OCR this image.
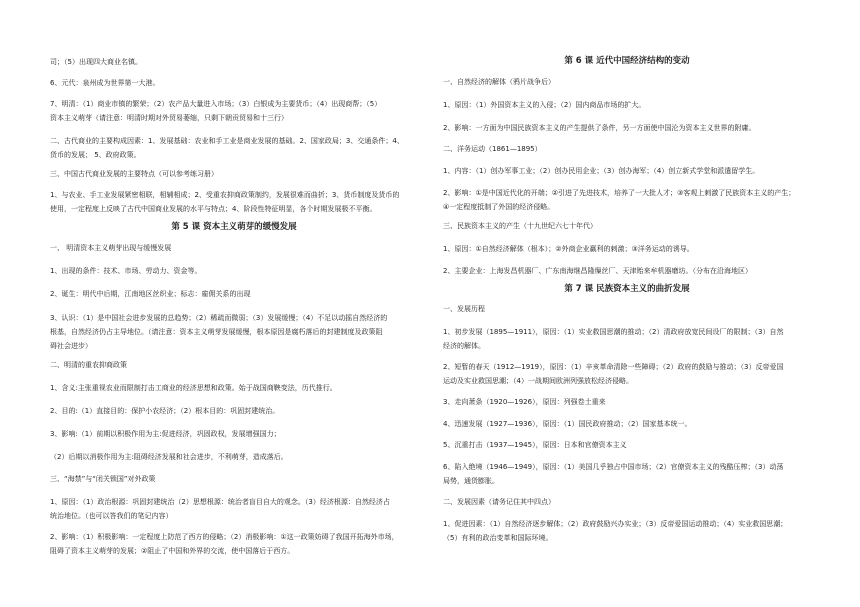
司；（5）出现四大商业名镇。

6、元代：泉州成为世界第一大港。

7、明清：（1）商业市镇的繁荣；（2）农产品大量进入市场；（3）白银成为主要货币；（4）出现商帮；（5）

资本主义萌芽（请注意：明清时期对外贸易萎缩，只剩下朝贡贸易和十三行）

二、古代商业的主要构成因素：1、发展基础：农业和手工业是商业发展的基础。2、国家政局；3、交通条件；4、

货币的发展； 5、政府政策。

三、中国古代商业发展的主要特点（可以参考练习册）

1、与农业、手工业发展紧密相联，相辅相成；2、受重农抑商政策制约，发展很难而曲折；3、货币制度及货币的

使用，一定程度上反映了古代中国商业发展的水平与特点；4、阶段性特征明显，各个时期发展极不平衡。

第 5 课 资本主义萌芽的缓慢发展

一、 明清资本主义萌芽出现与缓慢发展

1、出现的条件：技术、市场、劳动力、资金等。

2、诞生：明代中后期，江南地区丝织业；标志：雇佣关系的出现

3、认识：（1）是中国社会进步发展的总趋势；（2）稀疏而微弱；（3）发展缓慢；（4）不足以动摇自然经济的

根基，自然经济仍占主导地位。（请注意：资本主义萌芽发展缓慢，根本原因是腐朽落后的封建制度及政策阻

碍社会进步）

二、明清的重农抑商政策

1、含义:主张重视农业而限制打击工商业的经济思想和政策。始于战国商鞅变法，历代推行。

2、目的:（1）直接目的：保护小农经济；（2）根本目的：巩固封建统治。

3、影响:（1）前期以积极作用为主:促进经济，巩固政权，发展增强国力；

（2）后期以消极作用为主:阻碍经济发展和社会进步，不利萌芽，造成落后。

三、“海禁”与“闭关锁国”对外政策

1、原因：（1）政治根源：巩固封建统治（2）思想根源：统治者盲目自大的观念。（3）经济根源：自然经济占

统治地位。（也可以答我们的笔记内容）

2、影响：（1）积极影响：一定程度上防范了西方的侵略；（2）消极影响：①这一政策妨碍了我国开拓海外市场，

阻碍了资本主义萌芽的发展；②阻止了中国和外界的交流，使中国落后于西方。

第 6 课 近代中国经济结构的变动

一、自然经济的解体（鸦片战争后）

1、原因：（1）外国资本主义的入侵；（2）国内商品市场的扩大。

2、影响：一方面为中国民族资本主义的产生提供了条件，另一方面使中国沦为资本主义世界的附庸。

二、洋务运动（1861—1895）

1、内容：（1）创办军事工业；（2）创办民用企业；（3）创办海军；（4）创立新式学堂和派遣留学生。

2、影响：①是中国近代化的开端；②引进了先进技术，培养了一大批人才；③客观上刺激了民族资本主义的产生；

④一定程度抵制了外国的经济侵略。

三、民族资本主义的产生（十九世纪六七十年代）

1、原因：①自然经济解体（根本）；②外商企业赢利的刺激；③洋务运动的诱导。

2、主要企业：上海发昌机器厂、广东南海继昌隆缫丝厂、天津贻来牟机器磨坊。（分布在沿海地区）

第 7 课 民族资本主义的曲折发展

一、发展历程

1、初步发展（1895—1911），原因：（1）实业救国思潮的推动；（2）清政府放宽民间设厂的限制；（3）自然

经济的解体。

2、短暂的春天（1912—1919），原因：（1）辛亥革命清除一些障碍；（2）政府的鼓励与推动；（3）反帝爱国

运动及实业救国思潮；（4）一战期间欧洲列强放松经济侵略。

3、走向萧条（1920—1926），原因：列强卷土重来

4、迅速发展（1927—1936），原因：（1）国民政府推动；（2）国家基本统一。

5、沉重打击（1937—1945），原因：日本和官僚资本主义

6、陷入绝境（1946—1949），原因：（1）美国几乎独占中国市场；（2）官僚资本主义的残酷压榨；（3）动荡

局势，通货膨胀。

二、发展因素（请务记住其中四点）

1、促进因素：（1）自然经济逐步解体；（2）政府鼓励兴办实业；（3）反帝爱国运动推动；（4）实业救国思潮；

（5）有利的政治变革和国际环境。
